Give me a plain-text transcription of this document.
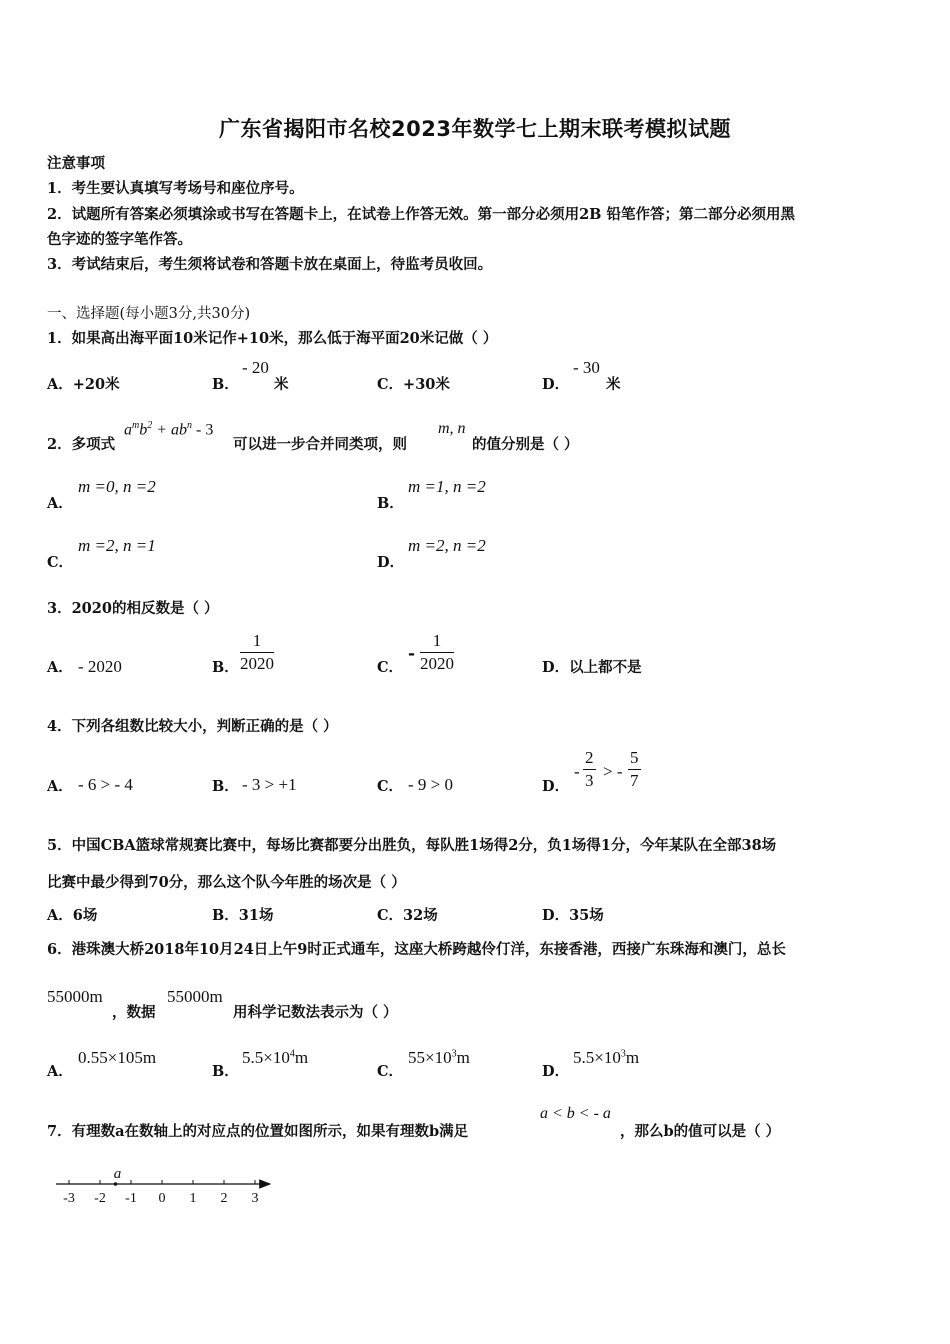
广东省揭阳市名校2023年数学七上期末联考模拟试题
注意事项
1．考生要认真填写考场号和座位序号。
2．试题所有答案必须填涂或书写在答题卡上，在试卷上作答无效。第一部分必须用2B 铅笔作答；第二部分必须用黑
色字迹的签字笔作答。
3．考试结束后，考生须将试卷和答题卡放在桌面上，待监考员收回。
一、选择题(每小题3分,共30分)
1．如果高出海平面10米记作+10米，那么低于海平面20米记做（ ）
A．+20米	B．
- 20
米	C．+30米	D．
- 30
米
2．多项式
$a^mb^2 + ab^n - 3$
可以进一步合并同类项，则
m, n
的值分别是（ ）
A．
m =0, n =2
B．
m =1, n =2
C．
m =2, n =1
D．
m =2, n =2
3．2020的相反数是（ ）
A． - 2020	B． $\frac{1}{2020}$	C．
- $\frac{1}{2020}$	D．以上都不是
4．下列各组数比较大小，判断正确的是（ ）
A． - 6 > - 4	B． - 3 > +1	C． - 9 > 0	D．
- $\frac{2}{3}$ > - $\frac{5}{7}$
5．中国CBA篮球常规赛比赛中，每场比赛都要分出胜负，每队胜1场得2分，负1场得1分，今年某队在全部38场
比赛中最少得到70分，那么这个队今年胜的场次是（ ）
A．6场	B．31场	C．32场	D．35场
6．港珠澳大桥2018年10月24日上午9时正式通车，这座大桥跨越伶仃洋，东接香港，西接广东珠海和澳门，总长
55000m
，数据
55000m
用科学记数法表示为（ ）
A．
0.55×105m
B．
$5.5\times 10^4m$
C．
$55\times 10^3m$
D．
$5.5\times 10^3m$
7．有理数a在数轴上的对应点的位置如图所示，如果有理数b满足
a < b < - a
，那么b的值可以是（ ）
-3 -2 -1 0 1 2 3
a
